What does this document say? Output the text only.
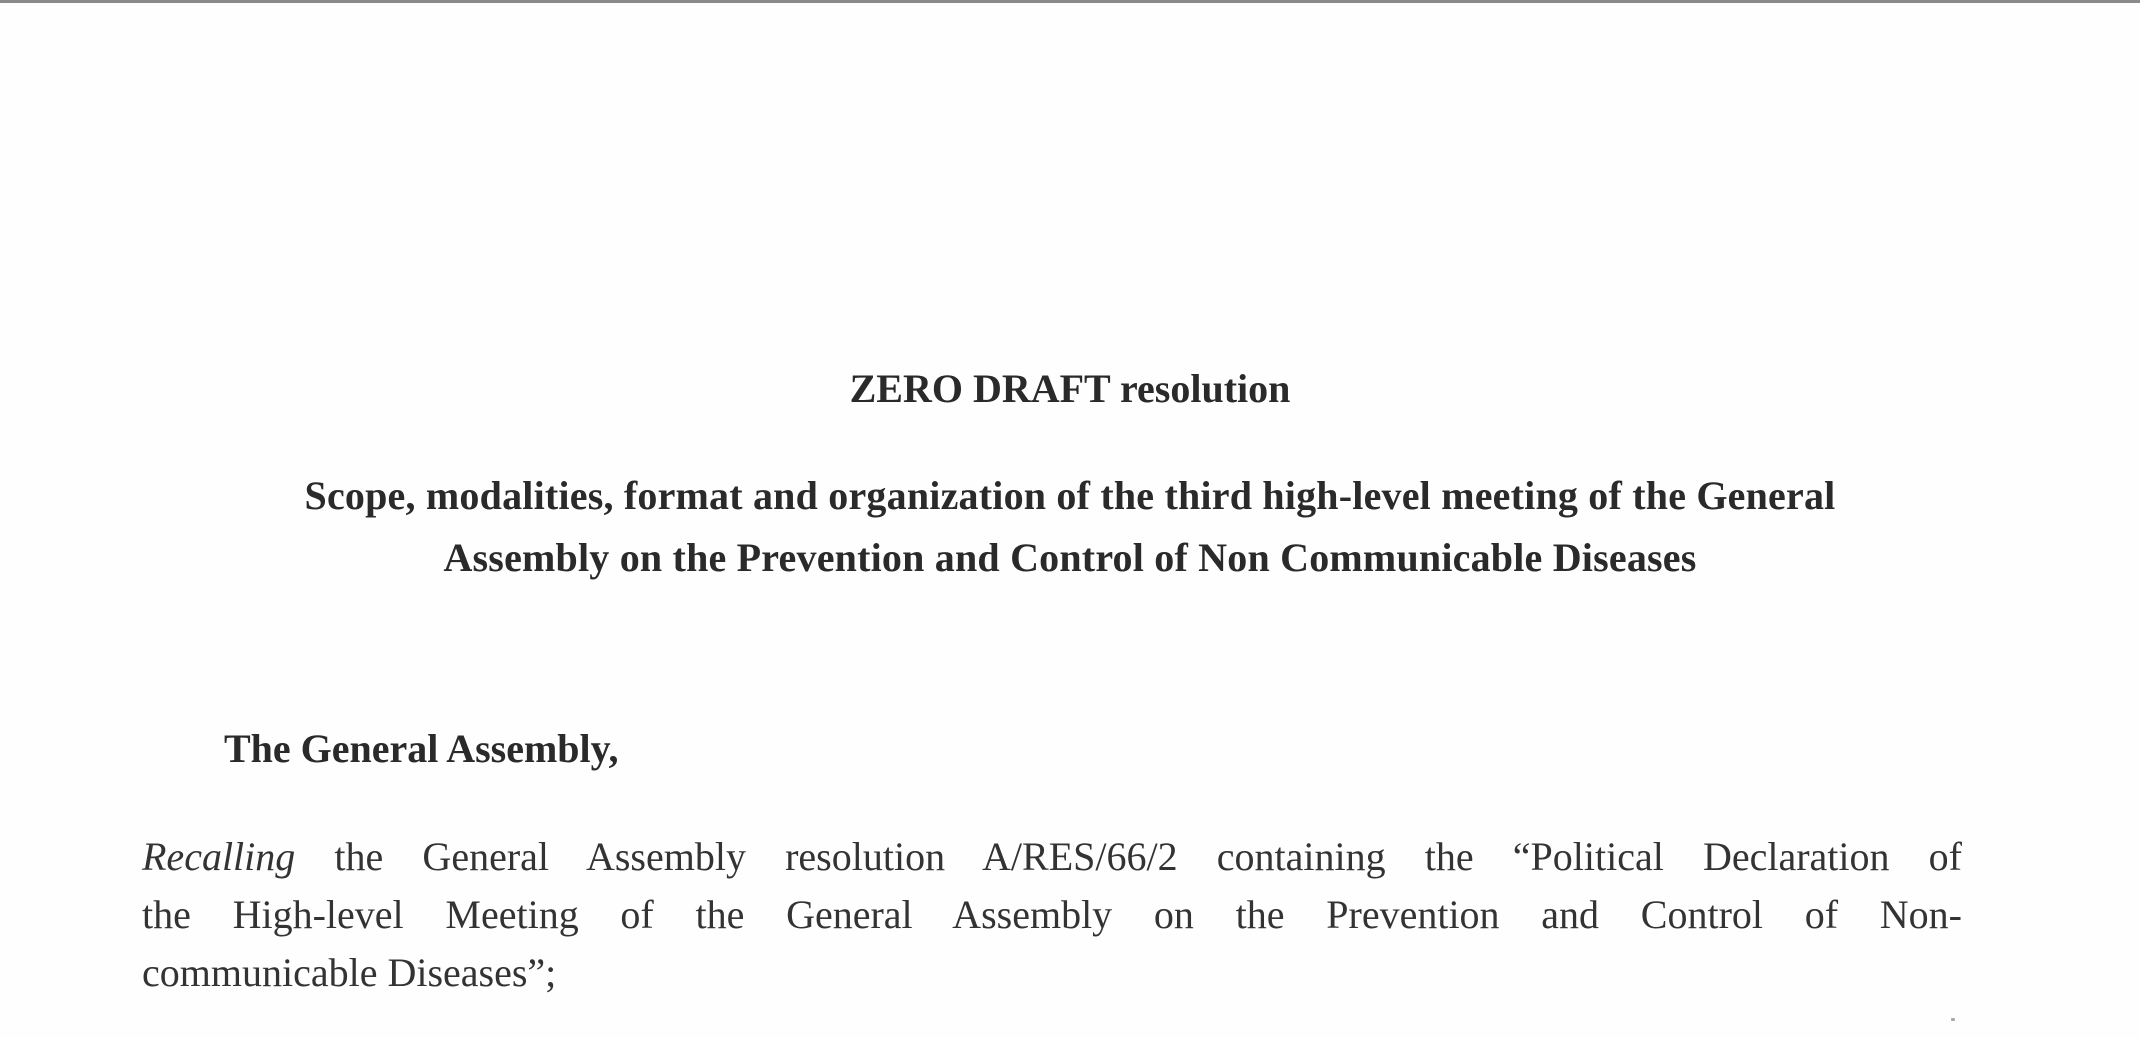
ZERO DRAFT resolution
Scope, modalities, format and organization of the third high-level meeting of the General
Assembly on the Prevention and Control of Non Communicable Diseases

The General Assembly,

Recalling the General Assembly resolution A/RES/66/2 containing the “Political Declaration of
the High-level Meeting of the General Assembly on the Prevention and Control of Non-
communicable Diseases”;
